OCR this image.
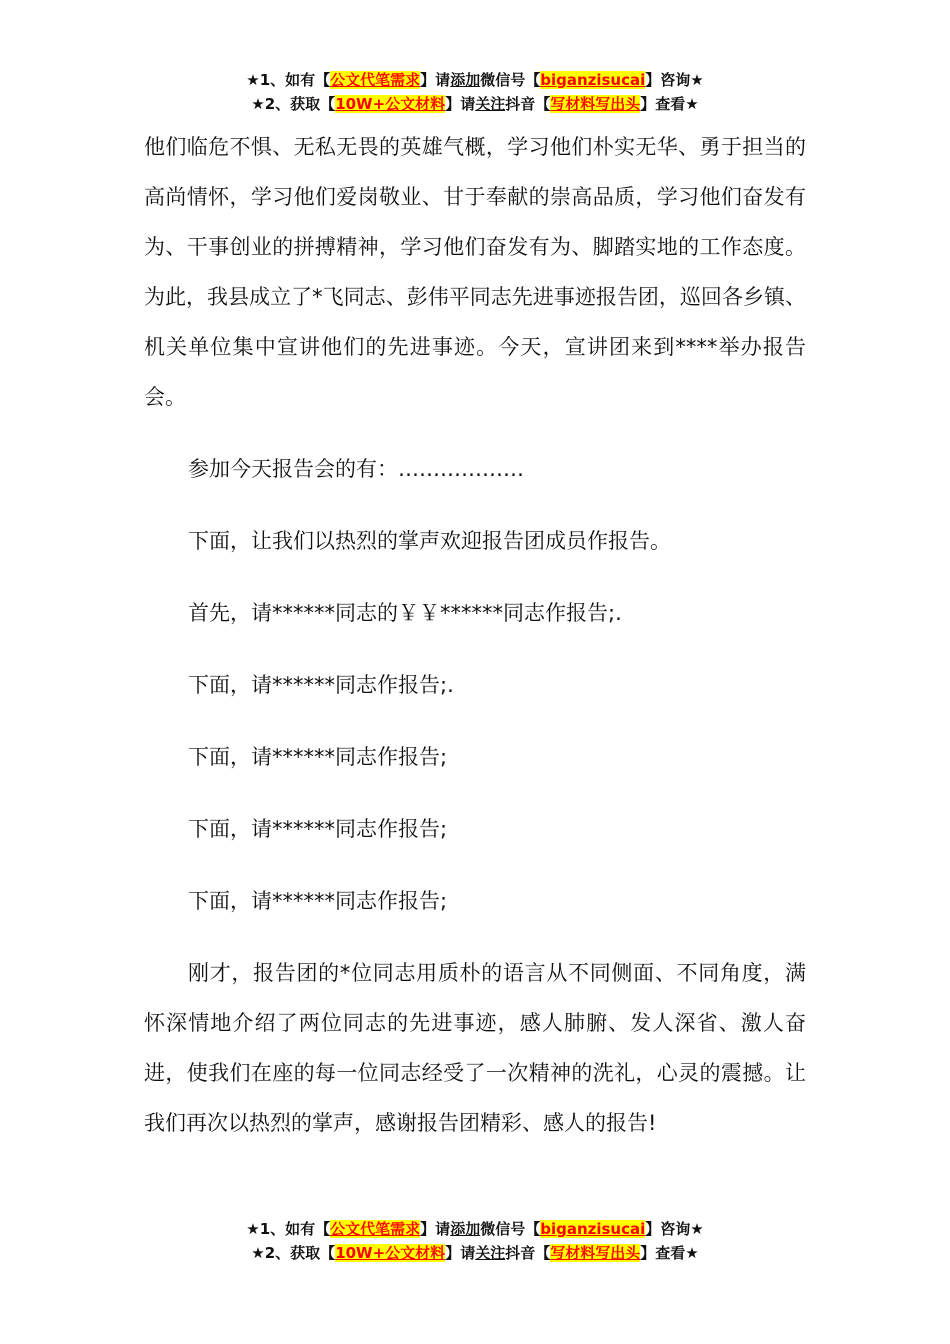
★1、如有【公文代笔需求】请添加微信号【biganzisucai】咨询★
★2、获取【10W+公文材料】请关注抖音【写材料写出头】查看★

他们临危不惧、无私无畏的英雄气概，学习他们朴实无华、勇于担当的高尚情怀，学习他们爱岗敬业、甘于奉献的崇高品质，学习他们奋发有为、干事创业的拼搏精神，学习他们奋发有为、脚踏实地的工作态度。为此，我县成立了*飞同志、彭伟平同志先进事迹报告团，巡回各乡镇、机关单位集中宣讲他们的先进事迹。今天，宣讲团来到****举办报告会。

参加今天报告会的有：………………

下面，让我们以热烈的掌声欢迎报告团成员作报告。

首先，请******同志的￥￥******同志作报告;.

下面，请******同志作报告;.

下面，请******同志作报告;

下面，请******同志作报告;

下面，请******同志作报告;

刚才，报告团的*位同志用质朴的语言从不同侧面、不同角度，满怀深情地介绍了两位同志的先进事迹，感人肺腑、发人深省、激人奋进，使我们在座的每一位同志经受了一次精神的洗礼，心灵的震撼。让我们再次以热烈的掌声，感谢报告团精彩、感人的报告!

★1、如有【公文代笔需求】请添加微信号【biganzisucai】咨询★
★2、获取【10W+公文材料】请关注抖音【写材料写出头】查看★
